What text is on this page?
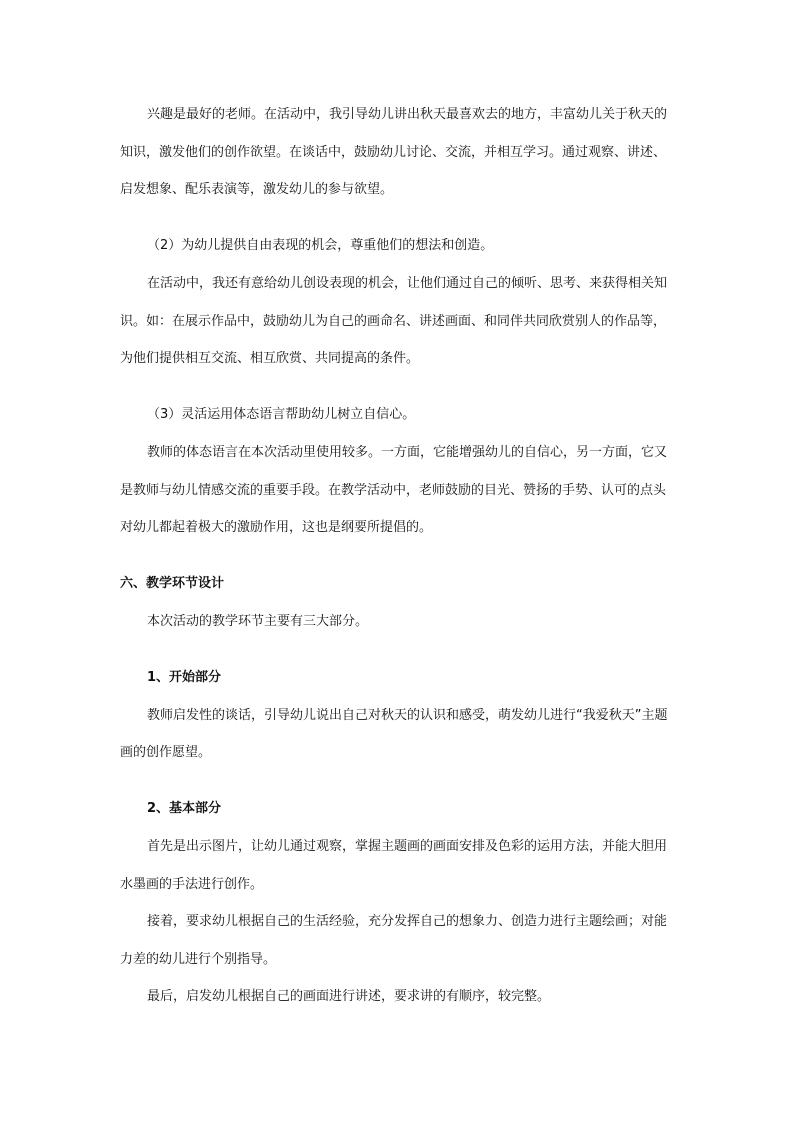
兴趣是最好的老师。在活动中，我引导幼儿讲出秋天最喜欢去的地方，丰富幼儿关于秋天的
知识，激发他们的创作欲望。在谈话中，鼓励幼儿讨论、交流，并相互学习。通过观察、讲述、
启发想象、配乐表演等，激发幼儿的参与欲望。
（2）为幼儿提供自由表现的机会，尊重他们的想法和创造。
在活动中，我还有意给幼儿创设表现的机会，让他们通过自己的倾听、思考、来获得相关知
识。如：在展示作品中，鼓励幼儿为自己的画命名、讲述画面、和同伴共同欣赏别人的作品等，
为他们提供相互交流、相互欣赏、共同提高的条件。
（3）灵活运用体态语言帮助幼儿树立自信心。
教师的体态语言在本次活动里使用较多。一方面，它能增强幼儿的自信心，另一方面，它又
是教师与幼儿情感交流的重要手段。在教学活动中，老师鼓励的目光、赞扬的手势、认可的点头
对幼儿都起着极大的激励作用，这也是纲要所提倡的。
六、教学环节设计
本次活动的教学环节主要有三大部分。
1、开始部分
教师启发性的谈话，引导幼儿说出自己对秋天的认识和感受，萌发幼儿进行“我爱秋天”主题
画的创作愿望。
2、基本部分
首先是出示图片，让幼儿通过观察，掌握主题画的画面安排及色彩的运用方法，并能大胆用
水墨画的手法进行创作。
接着，要求幼儿根据自己的生活经验，充分发挥自己的想象力、创造力进行主题绘画；对能
力差的幼儿进行个别指导。
最后，启发幼儿根据自己的画面进行讲述，要求讲的有顺序，较完整。
